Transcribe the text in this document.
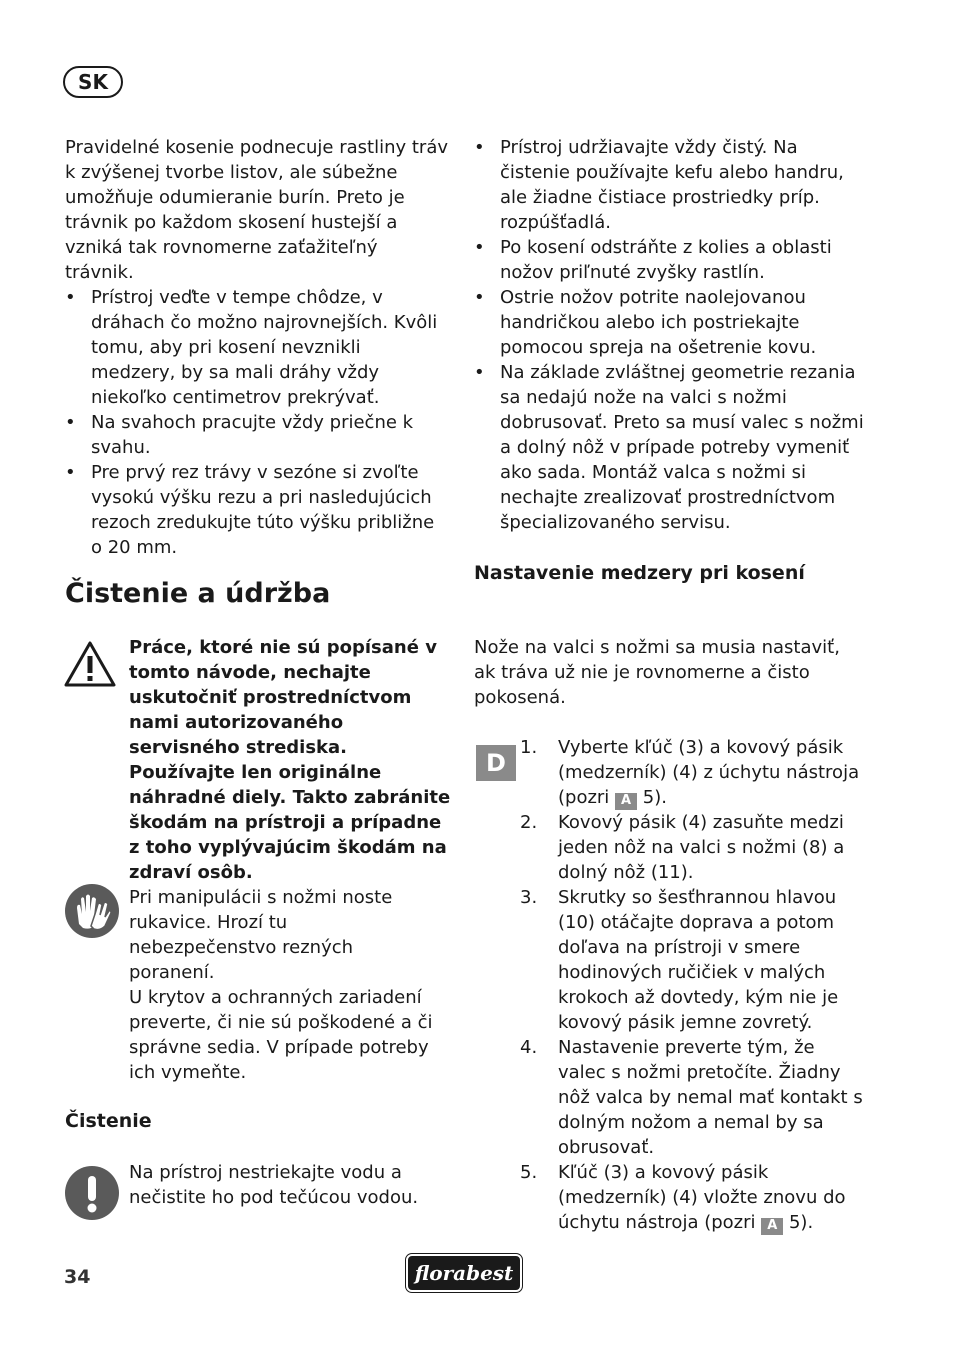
SK

Pravidelné kosenie podnecuje rastliny tráv k zvýšenej tvorbe listov, ale súbežne umožňuje odumieranie burín. Preto je trávnik po každom skosení hustejší a vzniká tak rovnomerne zaťažiteľný trávnik.

• Prístroj veďte v tempe chôdze, v dráhach čo možno najrovnejších. Kvôli tomu, aby pri kosení nevznikli medzery, by sa mali dráhy vždy niekoľko centimetrov prekrývať.
• Na svahoch pracujte vždy priečne k svahu.
• Pre prvý rez trávy v sezóne si zvoľte vysokú výšku rezu a pri nasledujúcich rezoch zredukujte túto výšku približne o 20 mm.
Čistenie a údržba

Práce, ktoré nie sú popísané v tomto návode, nechajte uskutočniť prostredníctvom nami autorizovaného servisného strediska. Používajte len originálne náhradné diely. Takto zabránite škodám na prístroji a prípadne z toho vyplývajúcim škodám na zdraví osôb.

Pri manipulácii s nožmi noste rukavice. Hrozí tu nebezpečenstvo rezných poranení.

U krytov a ochranných zariadení preverte, či nie sú poškodené a či správne sedia. V prípade potreby ich vymeňte.

Čistenie

Na prístroj nestriekajte vodu a nečistite ho pod tečúcou vodou.

• Prístroj udržiavajte vždy čistý. Na čistenie používajte kefu alebo handru, ale žiadne čistiace prostriedky príp. rozpúšťadlá.
• Po kosení odstráňte z kolies a oblasti nožov priľnuté zvyšky rastlín.
• Ostrie nožov potrite naolejovanou handričkou alebo ich postriekajte pomocou spreja na ošetrenie kovu.
• Na základe zvláštnej geometrie rezania sa nedajú nože na valci s nožmi dobrusovať. Preto sa musí valec s nožmi a dolný nôž v prípade potreby vymeniť ako sada. Montáž valca s nožmi si nechajte zrealizovať prostredníctvom špecializovaného servisu.
Nastavenie medzery pri kosení

Nože na valci s nožmi sa musia nastaviť, ak tráva už nie je rovnomerne a čisto pokosená.

D
1. Vyberte kľúč (3) a kovový pásik (medzerník) (4) z úchytu nástroja (pozri A 5).
2. Kovový pásik (4) zasuňte medzi jeden nôž na valci s nožmi (8) a dolný nôž (11).
3. Skrutky so šesťhrannou hlavou (10) otáčajte doprava a potom doľava na prístroji v smere hodinových ručičiek v malých krokoch až dovtedy, kým nie je kovový pásik jemne zovretý.
4. Nastavenie preverte tým, že valec s nožmi pretočíte. Žiadny nôž valca by nemal mať kontakt s dolným nožom a nemal by sa obrusovať.
5. Kľúč (3) a kovový pásik (medzerník) (4) vložte znovu do úchytu nástroja (pozri A 5).
34	florabest
